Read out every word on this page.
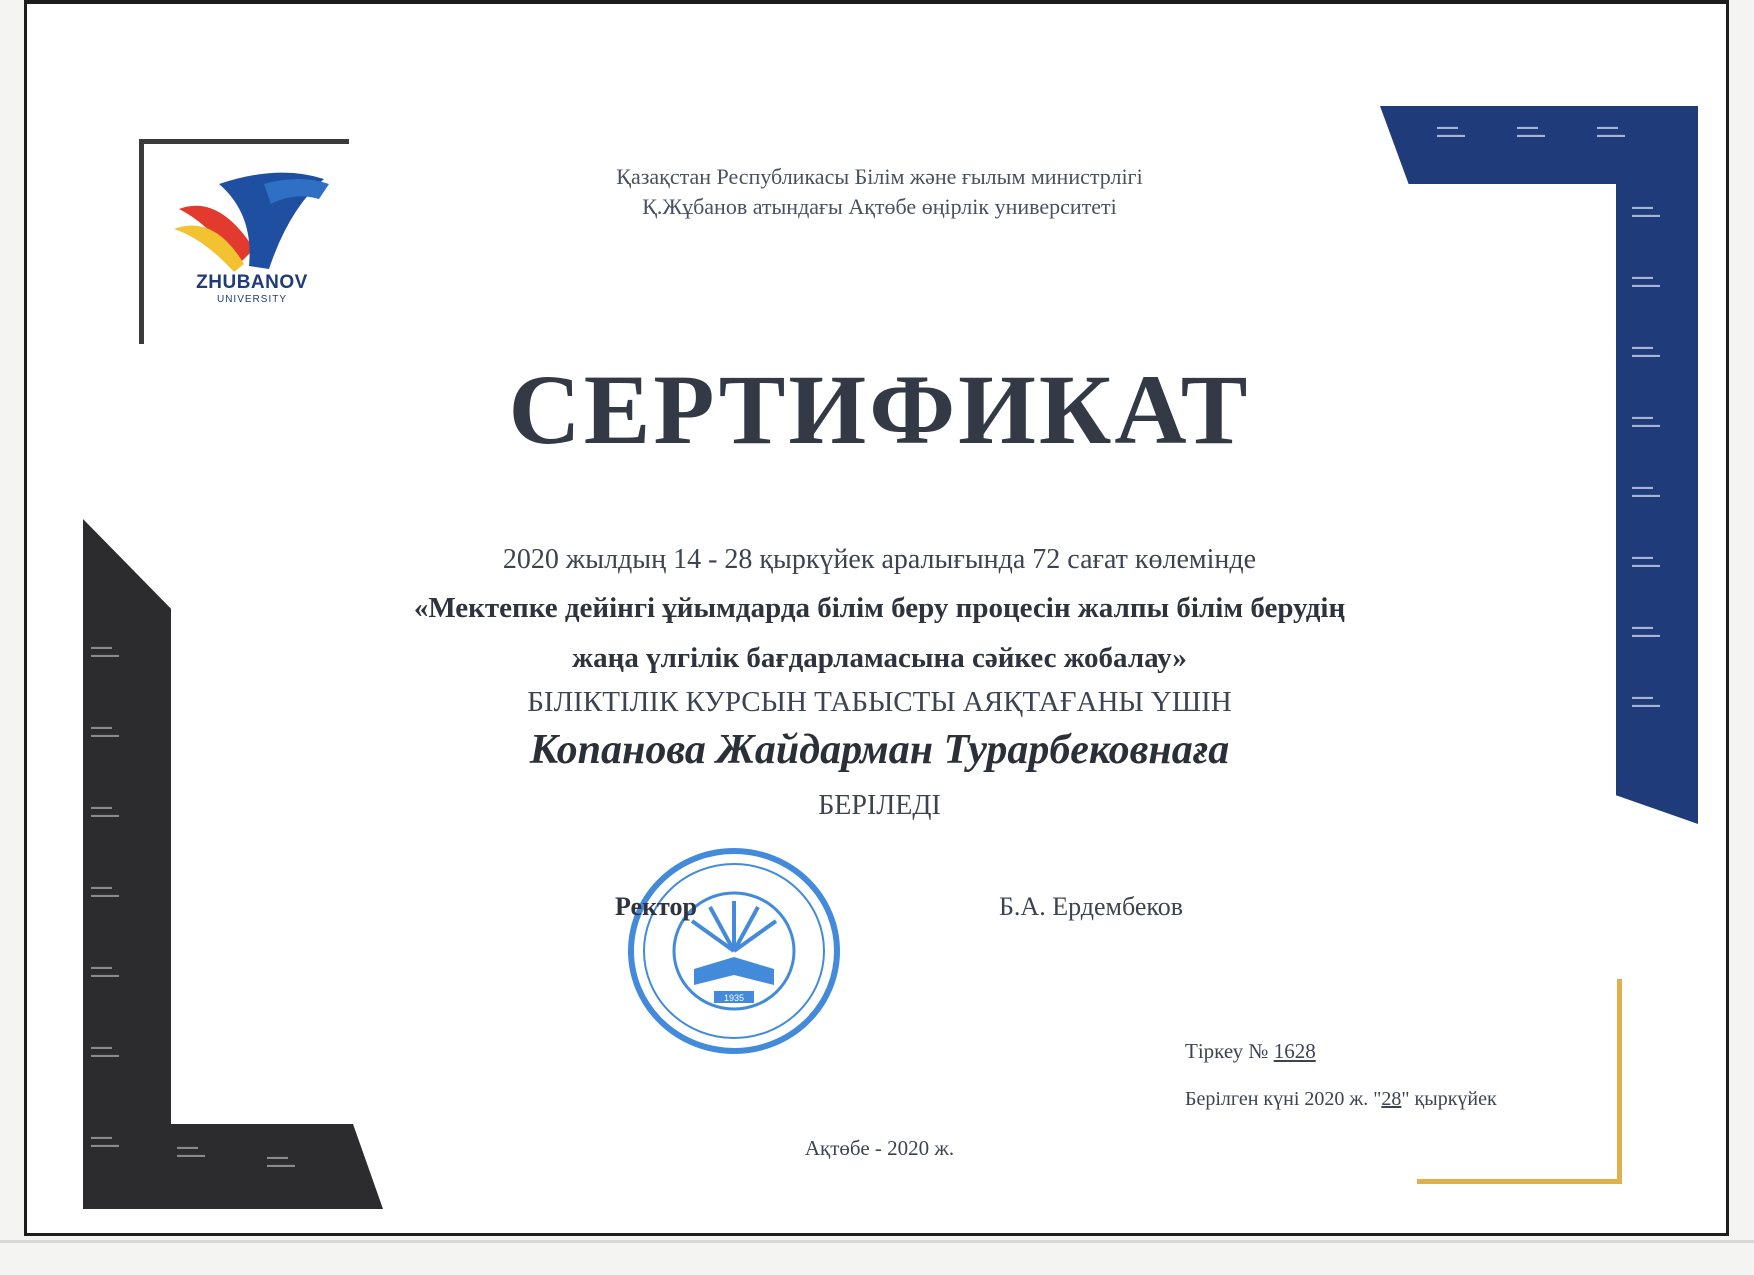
ZHUBANOV
UNIVERSITY
▬▬▬
▬▬▬▬
▬▬▬
▬▬▬▬
▬▬▬
▬▬▬▬
▬▬▬
▬▬▬▬
▬▬▬
▬▬▬▬
▬▬▬
▬▬▬▬
▬▬▬
▬▬▬▬
▬▬▬
▬▬▬▬
▬▬▬
▬▬▬▬
▬▬▬
▬▬▬▬
▬▬▬
▬▬▬▬
▬▬▬
▬▬▬▬
▬▬▬
▬▬▬▬
▬▬▬
▬▬▬▬
▬▬▬
▬▬▬▬
▬▬▬
▬▬▬▬
▬▬▬
▬▬▬▬
▬▬▬
▬▬▬▬	▬▬▬
▬▬▬▬	▬▬▬
▬▬▬▬
Қазақстан Республикасы Білім және ғылым министрлігі
Қ.Жұбанов атындағы Ақтөбе өңірлік университеті
СЕРТИФИКАТ
2020 жылдың 14 - 28 қыркүйек аралығында 72 сағат көлемінде
«Мектепке дейінгі ұйымдарда білім беру процесін жалпы білім берудің
жаңа үлгілік бағдарламасына сәйкес жобалау»
БІЛІКТІЛІК КУРСЫН ТАБЫСТЫ АЯҚТАҒАНЫ ҮШІН
Копанова Жайдарман Турарбековнаға
БЕРІЛЕДІ
1935
Ректор	Б.А. Ердембеков
Тіркеу № 1628
Берілген күні 2020 ж. "28" қыркүйек
Ақтөбе - 2020 ж.
